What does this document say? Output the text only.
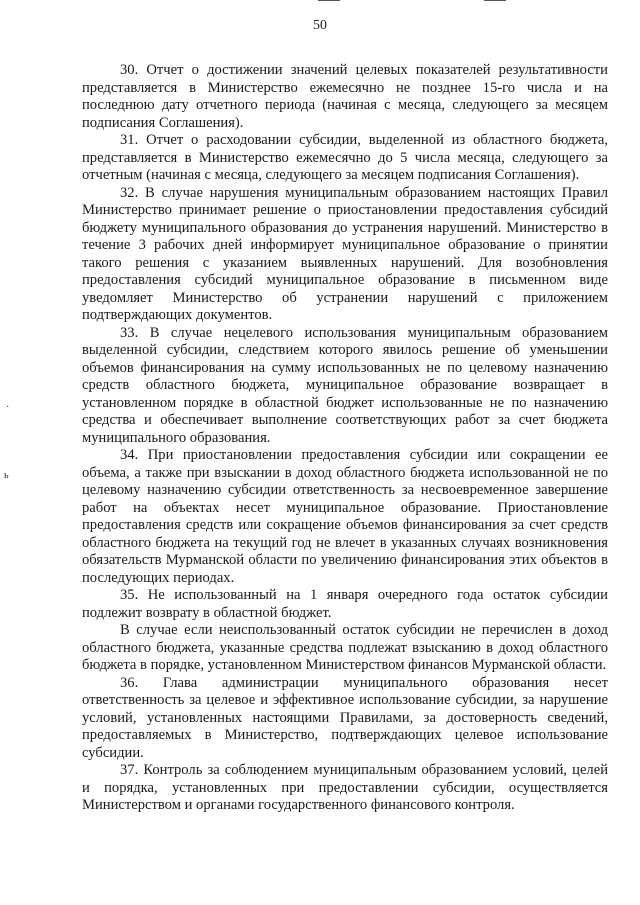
50
·
ь

30. Отчет о достижении значений целевых показателей результативности представляется в Министерство ежемесячно не позднее 15-го числа и на последнюю дату отчетного периода (начиная с месяца, следующего за месяцем подписания Соглашения).

31. Отчет о расходовании субсидии, выделенной из областного бюджета, представляется в Министерство ежемесячно до 5 числа месяца, следующего за отчетным (начиная с месяца, следующего за месяцем подписания Соглашения).

32. В случае нарушения муниципальным образованием настоящих Правил Министерство принимает решение о приостановлении предоставления субсидий бюджету муниципального образования до устранения нарушений. Министерство в течение 3 рабочих дней информирует муниципальное образование о принятии такого решения с указанием выявленных нарушений. Для возобновления предоставления субсидий муниципальное образование в письменном виде уведомляет Министерство об устранении нарушений с приложением подтверждающих документов.

33. В случае нецелевого использования муниципальным образованием выделенной субсидии, следствием которого явилось решение об уменьшении объемов финансирования на сумму использованных не по целевому назначению средств областного бюджета, муниципальное образование возвращает в установленном порядке в областной бюджет использованные не по назначению средства и обеспечивает выполнение соответствующих работ за счет бюджета муниципального образования.

34. При приостановлении предоставления субсидии или сокращении ее объема, а также при взыскании в доход областного бюджета использованной не по целевому назначению субсидии ответственность за несвоевременное завершение работ на объектах несет муниципальное образование. Приостановление предоставления средств или сокращение объемов финансирования за счет средств областного бюджета на текущий год не влечет в указанных случаях возникновения обязательств Мурманской области по увеличению финансирования этих объектов в последующих периодах.

35. Не использованный на 1 января очередного года остаток субсидии подлежит возврату в областной бюджет.

В случае если неиспользованный остаток субсидии не перечислен в доход областного бюджета, указанные средства подлежат взысканию в доход областного бюджета в порядке, установленном Министерством финансов Мурманской области.

36. Глава администрации муниципального образования несет ответственность за целевое и эффективное использование субсидии, за нарушение условий, установленных настоящими Правилами, за достоверность сведений, предоставляемых в Министерство, подтверждающих целевое использование субсидии.

37. Контроль за соблюдением муниципальным образованием условий, целей и порядка, установленных при предоставлении субсидии, осуществляется Министерством и органами государственного финансового контроля.
